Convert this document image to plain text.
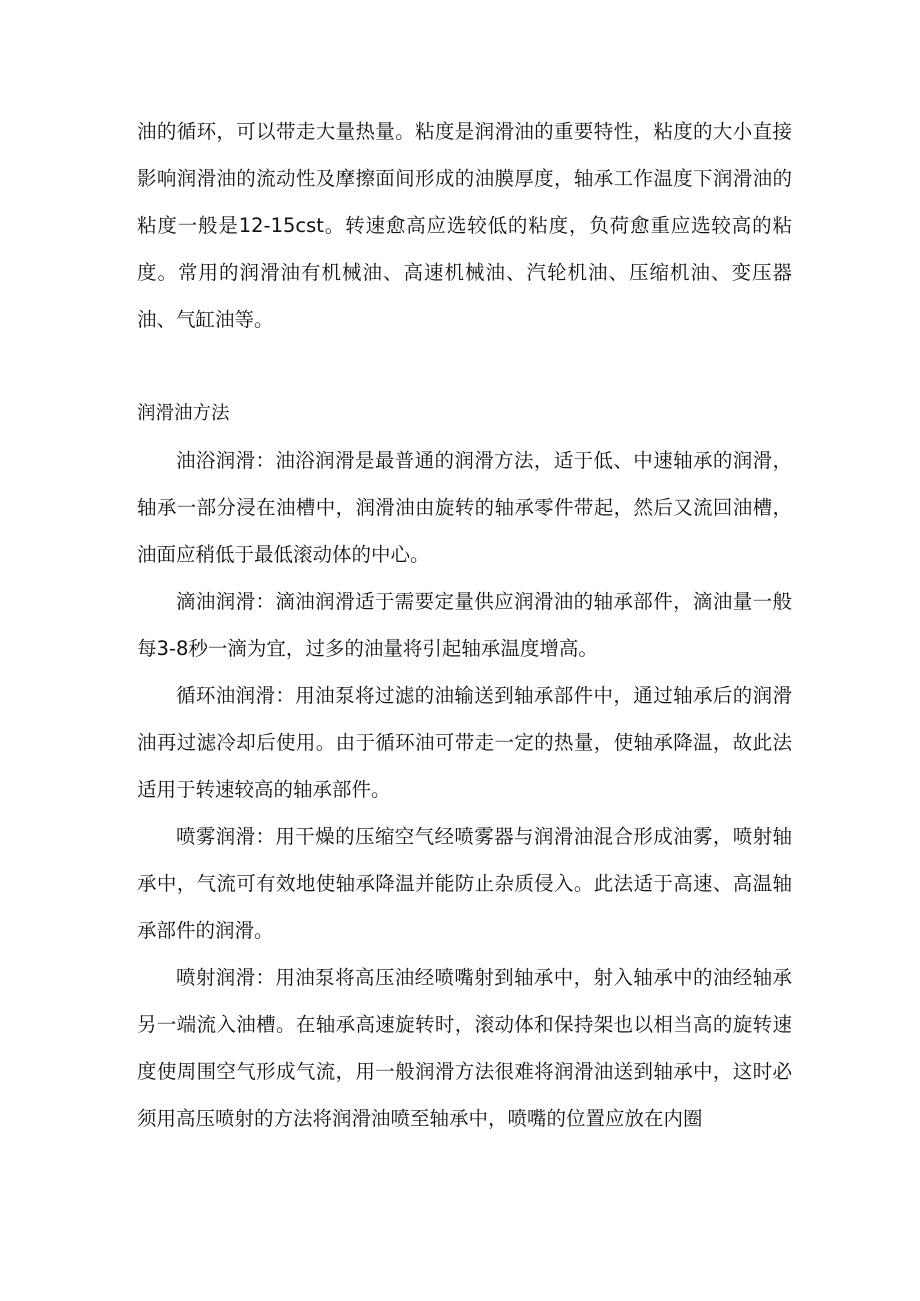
油的循环，可以带走大量热量。粘度是润滑油的重要特性，粘度的大小直接影响润滑油的流动性及摩擦面间形成的油膜厚度，轴承工作温度下润滑油的粘度一般是12-15cst。转速愈高应选较低的粘度，负荷愈重应选较高的粘度。常用的润滑油有机械油、高速机械油、汽轮机油、压缩机油、变压器油、气缸油等。

润滑油方法

油浴润滑：油浴润滑是最普通的润滑方法，适于低、中速轴承的润滑，轴承一部分浸在油槽中，润滑油由旋转的轴承零件带起，然后又流回油槽，油面应稍低于最低滚动体的中心。

滴油润滑：滴油润滑适于需要定量供应润滑油的轴承部件，滴油量一般每3-8秒一滴为宜，过多的油量将引起轴承温度增高。

循环油润滑：用油泵将过滤的油输送到轴承部件中，通过轴承后的润滑油再过滤冷却后使用。由于循环油可带走一定的热量，使轴承降温，故此法适用于转速较高的轴承部件。

喷雾润滑：用干燥的压缩空气经喷雾器与润滑油混合形成油雾，喷射轴承中，气流可有效地使轴承降温并能防止杂质侵入。此法适于高速、高温轴承部件的润滑。

喷射润滑：用油泵将高压油经喷嘴射到轴承中，射入轴承中的油经轴承另一端流入油槽。在轴承高速旋转时，滚动体和保持架也以相当高的旋转速度使周围空气形成气流，用一般润滑方法很难将润滑油送到轴承中，这时必须用高压喷射的方法将润滑油喷至轴承中，喷嘴的位置应放在内圈
